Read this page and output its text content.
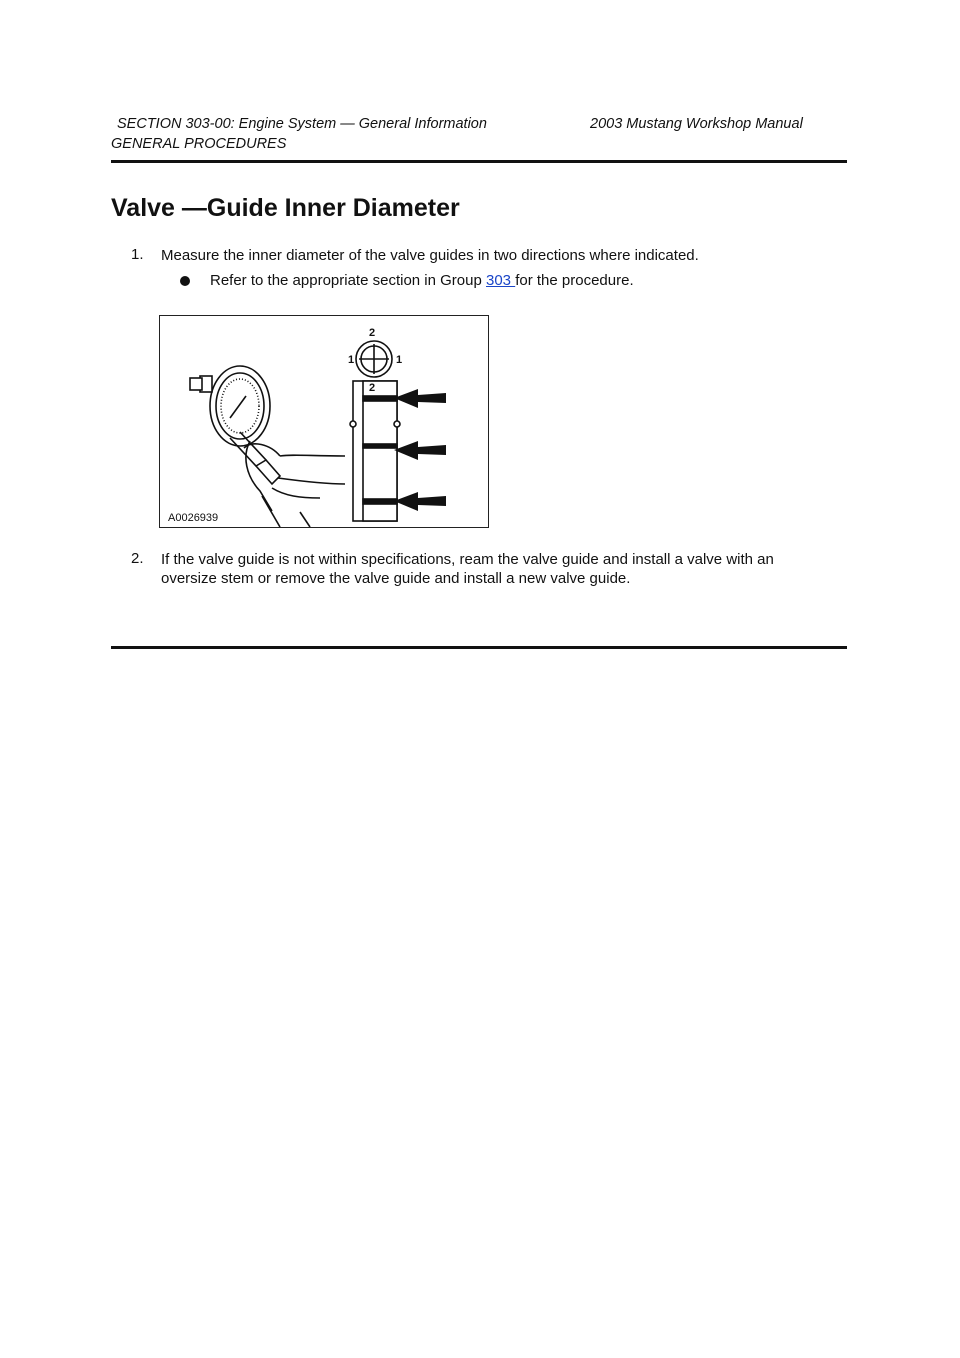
SECTION 303-00: Engine System — General Information	2003 Mustang Workshop Manual
GENERAL PROCEDURES
Valve —Guide Inner Diameter
1. Measure the inner diameter of the valve guides in two directions where indicated.
Refer to the appropriate section in Group 303 for the procedure.
2
1	1
2
A0026939
2. If the valve guide is not within specifications, ream the valve guide and install a valve with an
oversize stem or remove the valve guide and install a new valve guide.
